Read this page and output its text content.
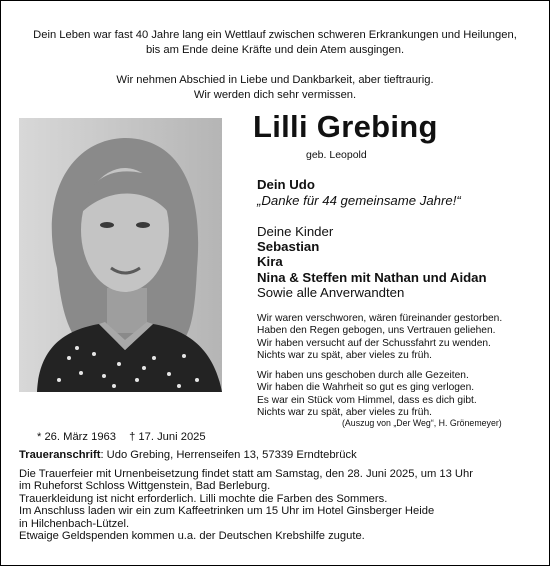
Dein Leben war fast 40 Jahre lang ein Wettlauf zwischen schweren Erkrankungen und Heilungen,
bis am Ende deine Kräfte und dein Atem ausgingen.
Wir nehmen Abschied in Liebe und Dankbarkeit, aber tieftraurig.
Wir werden dich sehr vermissen.
Lilli Grebing
geb. Leopold
Dein Udo
„Danke für 44 gemeinsame Jahre!“
Deine Kinder
Sebastian
Kira
Nina & Steffen mit Nathan und Aidan
Sowie alle Anverwandten
Wir waren verschworen, wären füreinander gestorben.
Haben den Regen gebogen, uns Vertrauen geliehen.
Wir haben versucht auf der Schussfahrt zu wenden.
Nichts war zu spät, aber vieles zu früh.
Wir haben uns geschoben durch alle Gezeiten.
Wir haben die Wahrheit so gut es ging verlogen.
Es war ein Stück vom Himmel, dass es dich gibt.
Nichts war zu spät, aber vieles zu früh.
(Auszug von „Der Weg“, H. Grönemeyer)
* 26. März 1963 † 17. Juni 2025
Traueranschrift: Udo Grebing, Herrenseifen 13, 57339 Erndtebrück
Die Trauerfeier mit Urnenbeisetzung findet statt am Samstag, den 28. Juni 2025, um 13 Uhr
im Ruheforst Schloss Wittgenstein, Bad Berleburg.
Trauerkleidung ist nicht erforderlich. Lilli mochte die Farben des Sommers.
Im Anschluss laden wir ein zum Kaffeetrinken um 15 Uhr im Hotel Ginsberger Heide
in Hilchenbach-Lützel.
Etwaige Geldspenden kommen u.a. der Deutschen Krebshilfe zugute.
